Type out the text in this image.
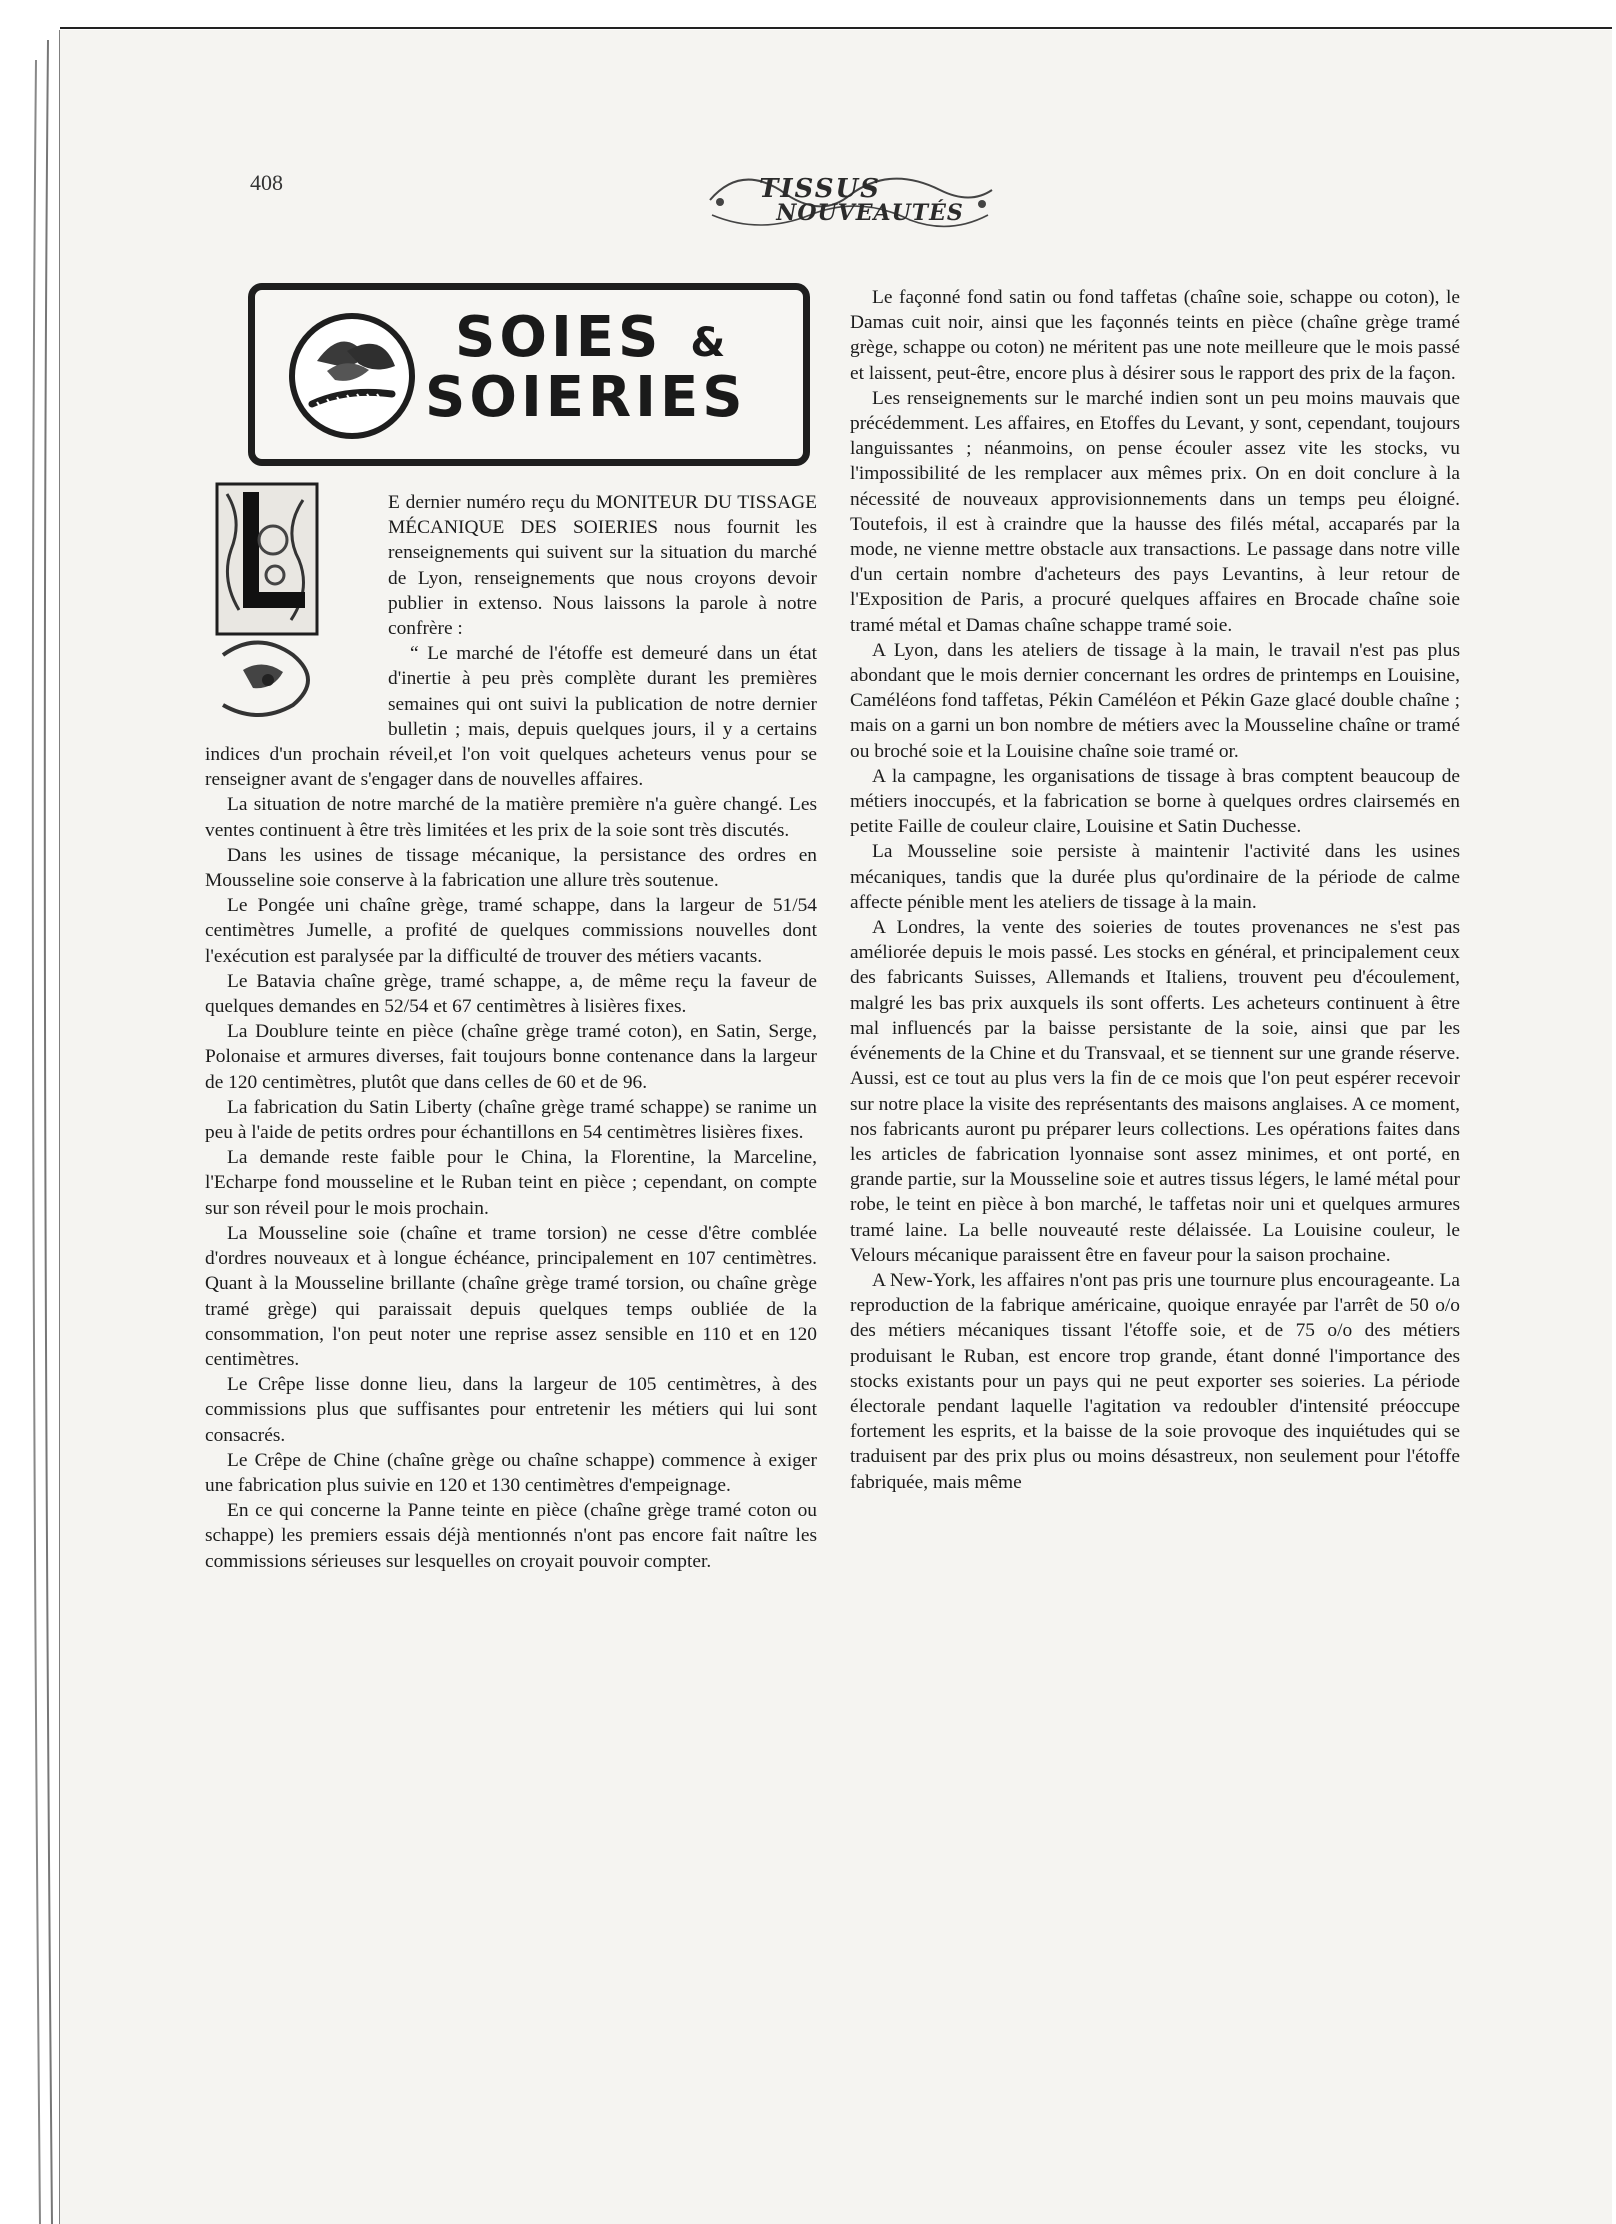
408	TISSUS
NOUVEAUTÉS
SOIES &
SOIERIES

E dernier numéro reçu du MONITEUR DU TISSAGE MÉCANIQUE DES SOIERIES nous fournit les renseignements qui suivent sur la situation du marché de Lyon, renseignements que nous croyons devoir publier in extenso. Nous laissons la parole à notre confrère :

“ Le marché de l'étoffe est demeuré dans un état d'inertie à peu près complète durant les premières semaines qui ont suivi la publication de notre dernier bulletin ; mais, depuis quelques jours, il y a certains indices d'un prochain réveil,et l'on voit quelques acheteurs venus pour se renseigner avant de s'engager dans de nouvelles affaires.

La situation de notre marché de la matière première n'a guère changé. Les ventes continuent à être très limitées et les prix de la soie sont très discutés.

Dans les usines de tissage mécanique, la persistance des ordres en Mousseline soie conserve à la fabrication une allure très soutenue.

Le Pongée uni chaîne grège, tramé schappe, dans la largeur de 51/54 centimètres Jumelle, a profité de quelques commissions nouvelles dont l'exécution est paralysée par la difficulté de trouver des métiers vacants.

Le Batavia chaîne grège, tramé schappe, a, de même reçu la faveur de quelques demandes en 52/54 et 67 centimètres à lisières fixes.

La Doublure teinte en pièce (chaîne grège tramé coton), en Satin, Serge, Polonaise et armures diverses, fait toujours bonne contenance dans la largeur de 120 centimètres, plutôt que dans celles de 60 et de 96.

La fabrication du Satin Liberty (chaîne grège tramé schappe) se ranime un peu à l'aide de petits ordres pour échantillons en 54 centimètres lisières fixes.

La demande reste faible pour le China, la Florentine, la Marceline, l'Echarpe fond mousseline et le Ruban teint en pièce ; cependant, on compte sur son réveil pour le mois prochain.

La Mousseline soie (chaîne et trame torsion) ne cesse d'être comblée d'ordres nouveaux et à longue échéance, principalement en 107 centimètres. Quant à la Mousseline brillante (chaîne grège tramé torsion, ou chaîne grège tramé grège) qui paraissait depuis quelques temps oubliée de la consommation, l'on peut noter une reprise assez sensible en 110 et en 120 centimètres.

Le Crêpe lisse donne lieu, dans la largeur de 105 centimètres, à des commissions plus que suffisantes pour entretenir les métiers qui lui sont consacrés.

Le Crêpe de Chine (chaîne grège ou chaîne schappe) commence à exiger une fabrication plus suivie en 120 et 130 centimètres d'empeignage.

En ce qui concerne la Panne teinte en pièce (chaîne grège tramé coton ou schappe) les premiers essais déjà mentionnés n'ont pas encore fait naître les commissions sérieuses sur lesquelles on croyait pouvoir compter.

Le façonné fond satin ou fond taffetas (chaîne soie, schappe ou coton), le Damas cuit noir, ainsi que les façonnés teints en pièce (chaîne grège tramé grège, schappe ou coton) ne méritent pas une note meilleure que le mois passé et laissent, peut-être, encore plus à désirer sous le rapport des prix de la façon.

Les renseignements sur le marché indien sont un peu moins mauvais que précédemment. Les affaires, en Etoffes du Levant, y sont, cependant, toujours languissantes ; néanmoins, on pense écouler assez vite les stocks, vu l'impossibilité de les remplacer aux mêmes prix. On en doit conclure à la nécessité de nouveaux approvisionnements dans un temps peu éloigné. Toutefois, il est à craindre que la hausse des filés métal, accaparés par la mode, ne vienne mettre obstacle aux transactions. Le passage dans notre ville d'un certain nombre d'acheteurs des pays Levantins, à leur retour de l'Exposition de Paris, a procuré quelques affaires en Brocade chaîne soie tramé métal et Damas chaîne schappe tramé soie.

A Lyon, dans les ateliers de tissage à la main, le travail n'est pas plus abondant que le mois dernier concernant les ordres de printemps en Louisine, Caméléons fond taffetas, Pékin Caméléon et Pékin Gaze glacé double chaîne ; mais on a garni un bon nombre de métiers avec la Mousseline chaîne or tramé ou broché soie et la Louisine chaîne soie tramé or.

A la campagne, les organisations de tissage à bras comptent beaucoup de métiers inoccupés, et la fabrication se borne à quelques ordres clairsemés en petite Faille de couleur claire, Louisine et Satin Duchesse.

La Mousseline soie persiste à maintenir l'activité dans les usines mécaniques, tandis que la durée plus qu'ordinaire de la période de calme affecte pénible ment les ateliers de tissage à la main.

A Londres, la vente des soieries de toutes provenances ne s'est pas améliorée depuis le mois passé. Les stocks en général, et principalement ceux des fabricants Suisses, Allemands et Italiens, trouvent peu d'écoulement, malgré les bas prix auxquels ils sont offerts. Les acheteurs continuent à être mal influencés par la baisse persistante de la soie, ainsi que par les événements de la Chine et du Transvaal, et se tiennent sur une grande réserve. Aussi, est ce tout au plus vers la fin de ce mois que l'on peut espérer recevoir sur notre place la visite des représentants des maisons anglaises. A ce moment, nos fabricants auront pu préparer leurs collections. Les opérations faites dans les articles de fabrication lyonnaise sont assez minimes, et ont porté, en grande partie, sur la Mousseline soie et autres tissus légers, le lamé métal pour robe, le teint en pièce à bon marché, le taffetas noir uni et quelques armures tramé laine. La belle nouveauté reste délaissée. La Louisine couleur, le Velours mécanique paraissent être en faveur pour la saison prochaine.

A New-York, les affaires n'ont pas pris une tournure plus encourageante. La reproduction de la fabrique américaine, quoique enrayée par l'arrêt de 50 o/o des métiers mécaniques tissant l'étoffe soie, et de 75 o/o des métiers produisant le Ruban, est encore trop grande, étant donné l'importance des stocks existants pour un pays qui ne peut exporter ses soieries. La période électorale pendant laquelle l'agitation va redoubler d'intensité préoccupe fortement les esprits, et la baisse de la soie provoque des inquiétudes qui se traduisent par des prix plus ou moins désastreux, non seulement pour l'étoffe fabriquée, mais même
